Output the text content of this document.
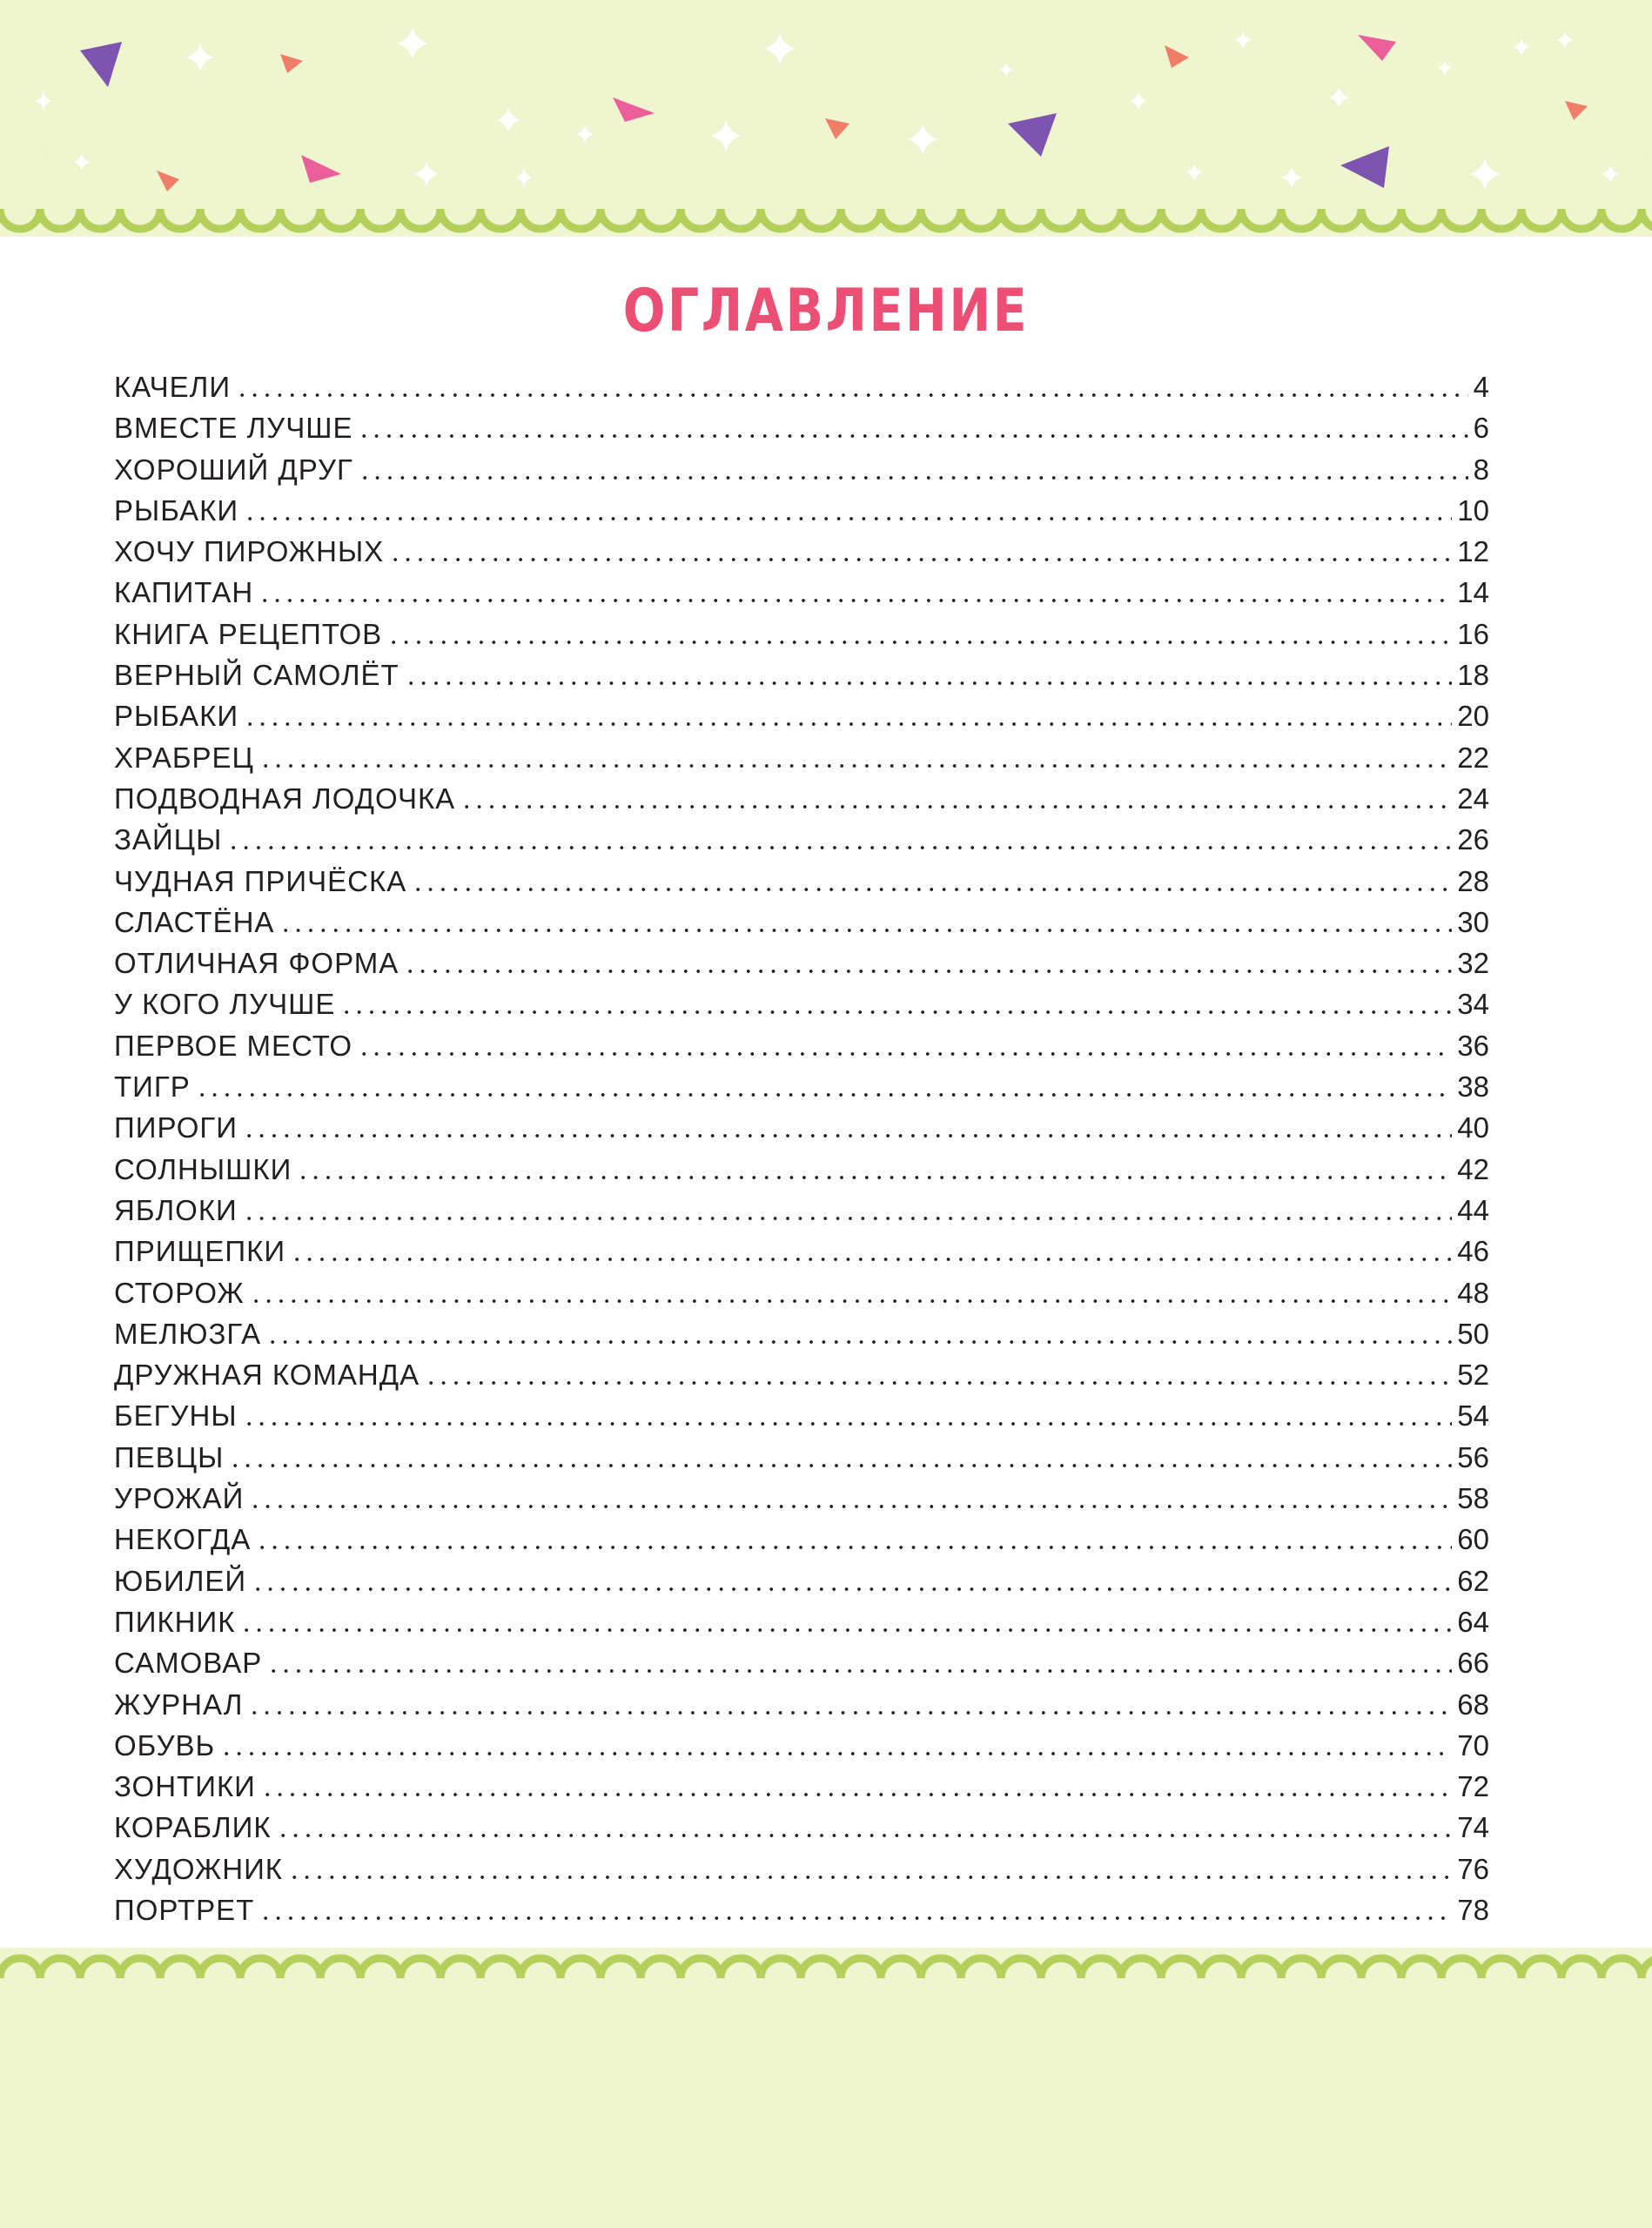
ОГЛАВЛЕНИЕ
КАЧЕЛИ	4
ВМЕСТЕ ЛУЧШЕ	6
ХОРОШИЙ ДРУГ	8
РЫБАКИ	10
ХОЧУ ПИРОЖНЫХ	12
КАПИТАН	14
КНИГА РЕЦЕПТОВ	16
ВЕРНЫЙ САМОЛЁТ	18
РЫБАКИ	20
ХРАБРЕЦ	22
ПОДВОДНАЯ ЛОДОЧКА	24
ЗАЙЦЫ	26
ЧУДНАЯ ПРИЧЁСКА	28
СЛАСТЁНА	30
ОТЛИЧНАЯ ФОРМА	32
У КОГО ЛУЧШЕ	34
ПЕРВОЕ МЕСТО	36
ТИГР	38
ПИРОГИ	40
СОЛНЫШКИ	42
ЯБЛОКИ	44
ПРИЩЕПКИ	46
СТОРОЖ	48
МЕЛЮЗГА	50
ДРУЖНАЯ КОМАНДА	52
БЕГУНЫ	54
ПЕВЦЫ	56
УРОЖАЙ	58
НЕКОГДА	60
ЮБИЛЕЙ	62
ПИКНИК	64
САМОВАР	66
ЖУРНАЛ	68
ОБУВЬ	70
ЗОНТИКИ	72
КОРАБЛИК	74
ХУДОЖНИК	76
ПОРТРЕТ	78
